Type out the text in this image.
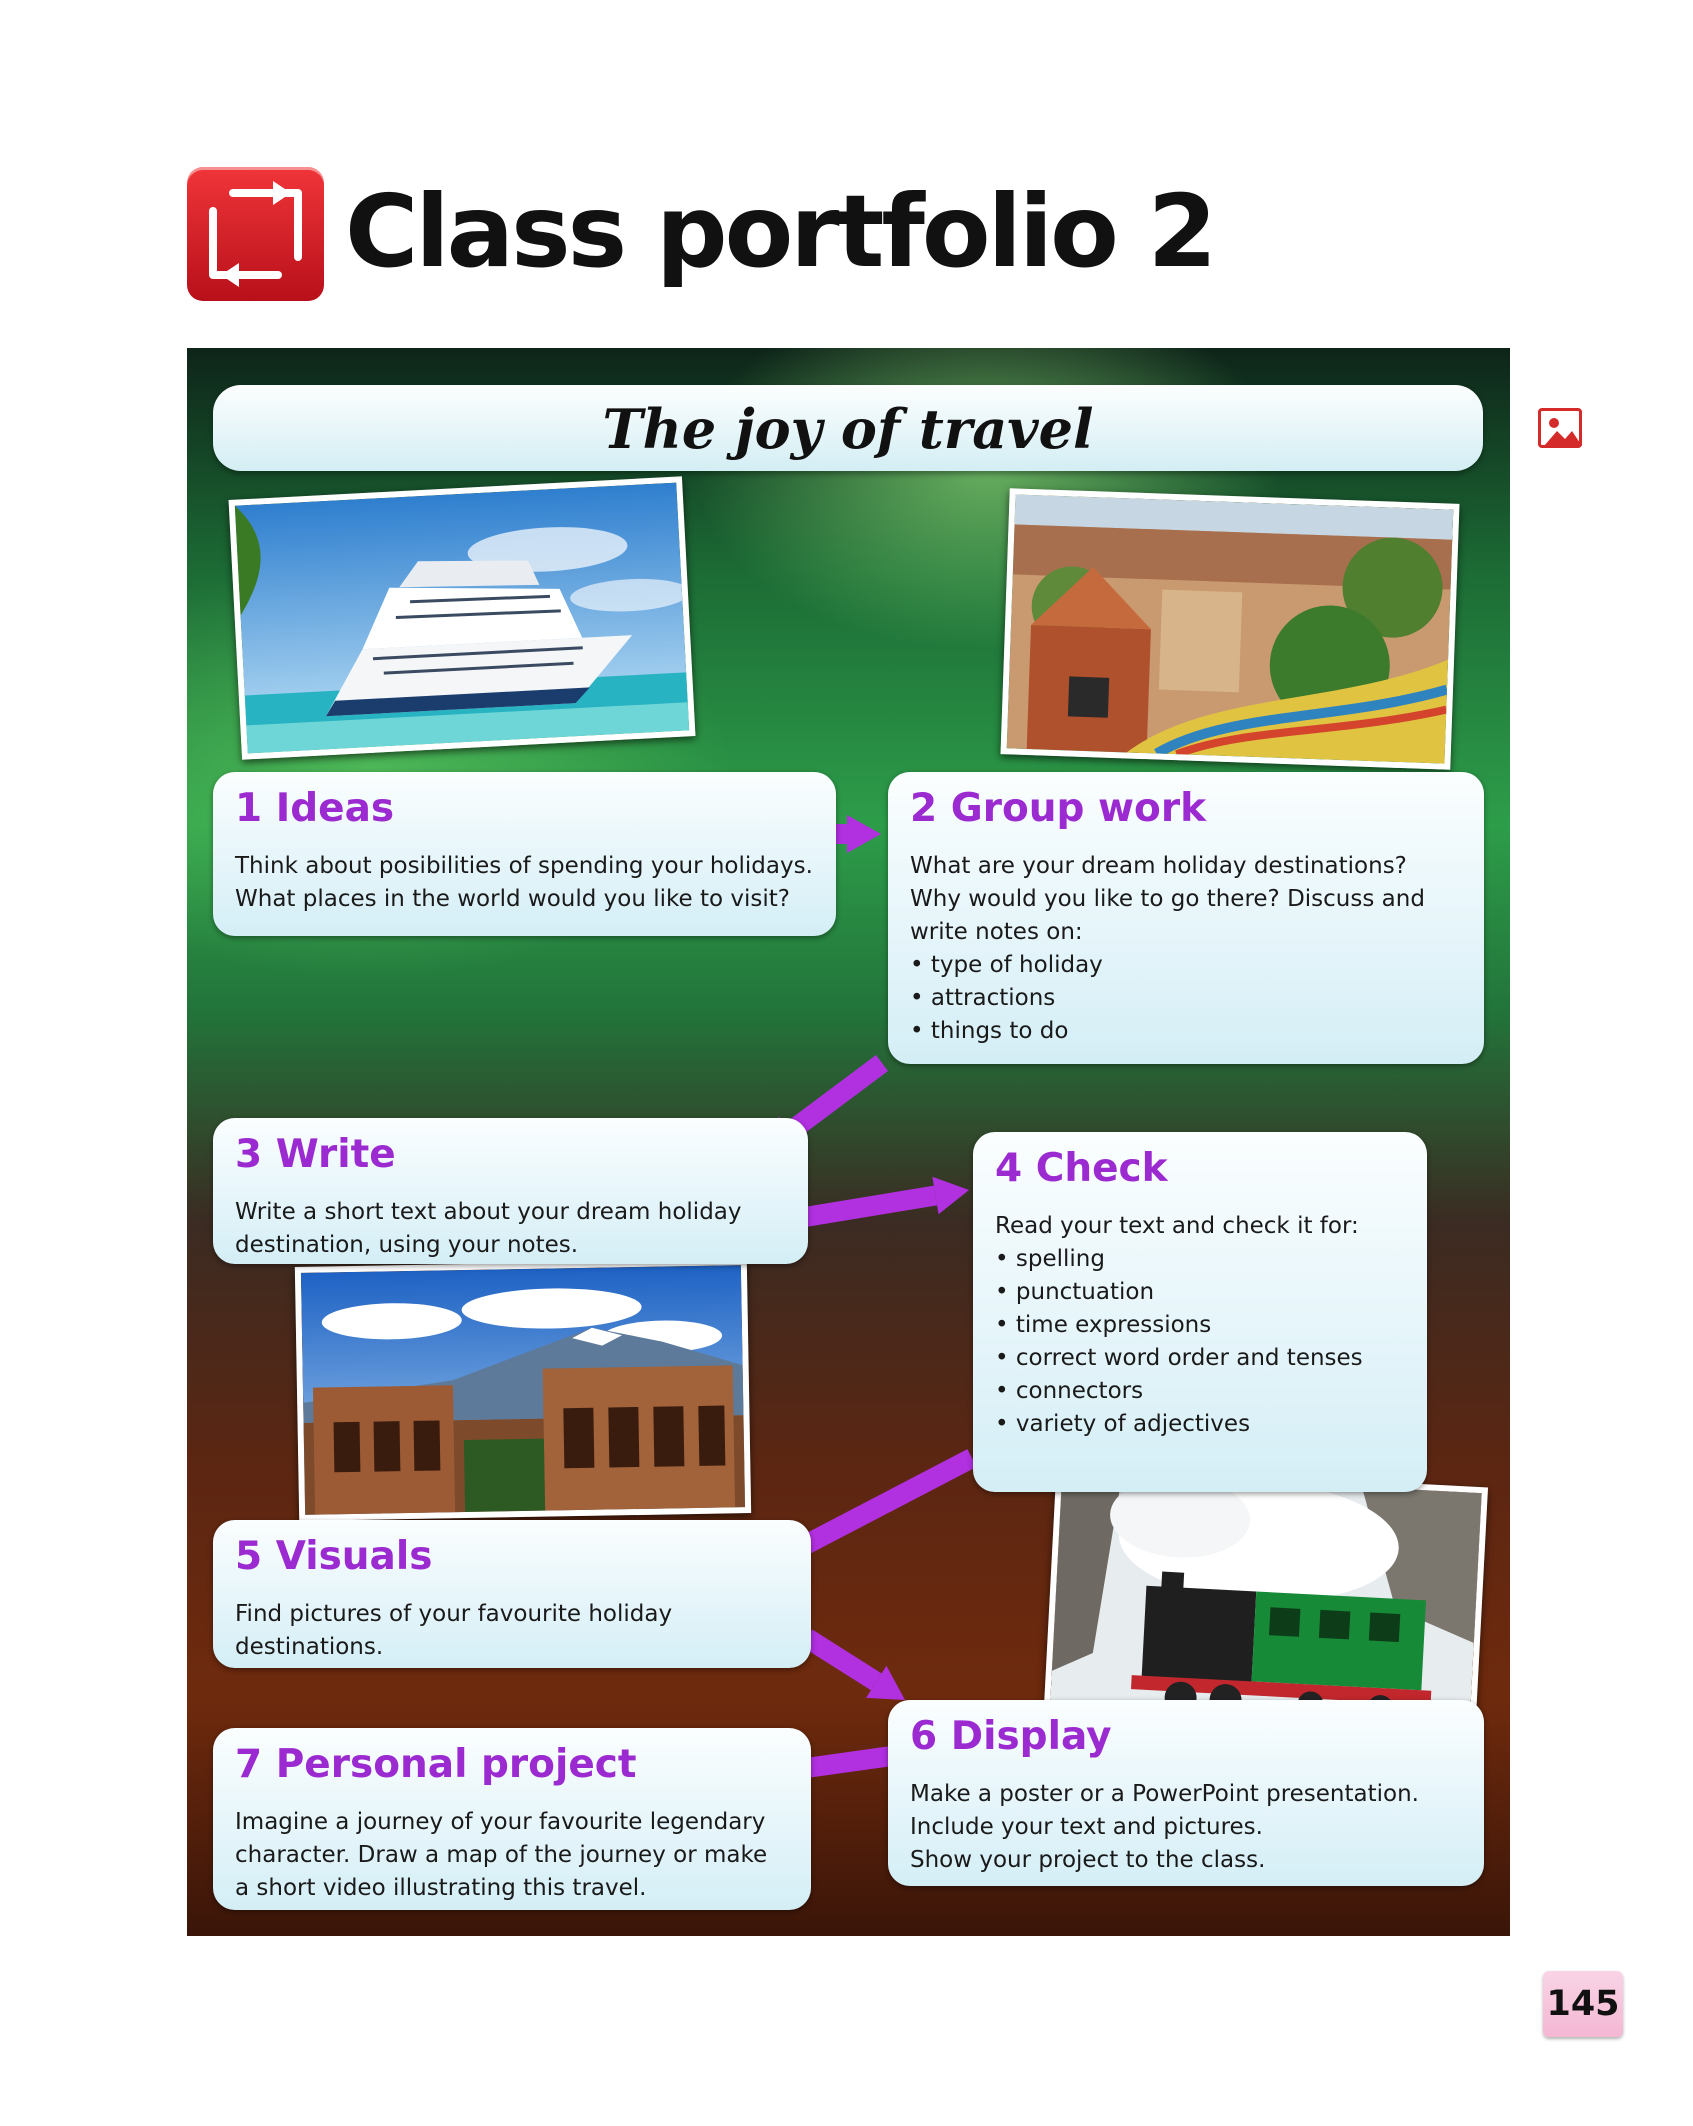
Class portfolio 2
The joy of travel
1 Ideas

Think about posibilities of spending your holidays.
What places in the world would you like to visit?

2 Group work

What are your dream holiday destinations?
Why would you like to go there? Discuss and
write notes on:

• type of holiday
• attractions
• things to do
3 Write

Write a short text about your dream holiday
destination, using your notes.

4 Check

Read your text and check it for:

• spelling
• punctuation
• time expressions
• correct word order and tenses
• connectors
• variety of adjectives
5 Visuals

Find pictures of your favourite holiday
destinations.

6 Display

Make a poster or a PowerPoint presentation.
Include your text and pictures.
Show your project to the class.

7 Personal project

Imagine a journey of your favourite legendary
character. Draw a map of the journey or make
a short video illustrating this travel.

145
